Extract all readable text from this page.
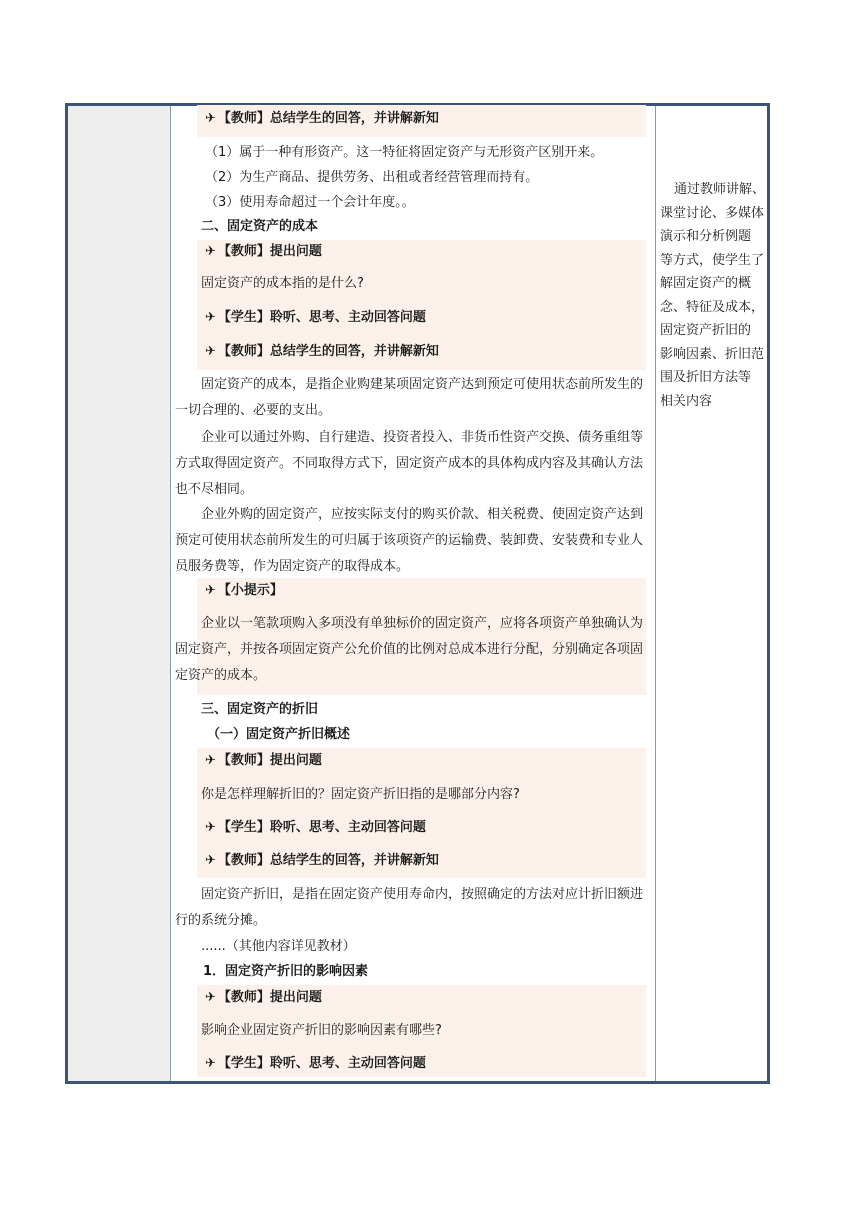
✈ 【教师】总结学生的回答，并讲解新知
（1）属于一种有形资产。这一特征将固定资产与无形资产区别开来。
（2）为生产商品、提供劳务、出租或者经营管理而持有。
（3）使用寿命超过一个会计年度。。
二、固定资产的成本
✈ 【教师】提出问题
固定资产的成本指的是什么?
✈ 【学生】聆听、思考、主动回答问题
✈ 【教师】总结学生的回答，并讲解新知
固定资产的成本，是指企业购建某项固定资产达到预定可使用状态前所发生的
一切合理的、必要的支出。
企业可以通过外购、自行建造、投资者投入、非货币性资产交换、债务重组等
方式取得固定资产。不同取得方式下，固定资产成本的具体构成内容及其确认方法
也不尽相同。
企业外购的固定资产，应按实际支付的购买价款、相关税费、使固定资产达到
预定可使用状态前所发生的可归属于该项资产的运输费、装卸费、安装费和专业人
员服务费等，作为固定资产的取得成本。
✈ 【小提示】
企业以一笔款项购入多项没有单独标价的固定资产，应将各项资产单独确认为
固定资产，并按各项固定资产公允价值的比例对总成本进行分配，分别确定各项固
定资产的成本。
三、固定资产的折旧
（一）固定资产折旧概述
✈ 【教师】提出问题
你是怎样理解折旧的？固定资产折旧指的是哪部分内容?
✈ 【学生】聆听、思考、主动回答问题
✈ 【教师】总结学生的回答，并讲解新知
固定资产折旧，是指在固定资产使用寿命内，按照确定的方法对应计折旧额进
行的系统分摊。
......（其他内容详见教材）
1．固定资产折旧的影响因素
✈ 【教师】提出问题
影响企业固定资产折旧的影响因素有哪些?
✈ 【学生】聆听、思考、主动回答问题
通过教师讲解、
课堂讨论、多媒体
演示和分析例题
等方式，使学生了
解固定资产的概
念、特征及成本，
固定资产折旧的
影响因素、折旧范
围及折旧方法等
相关内容
